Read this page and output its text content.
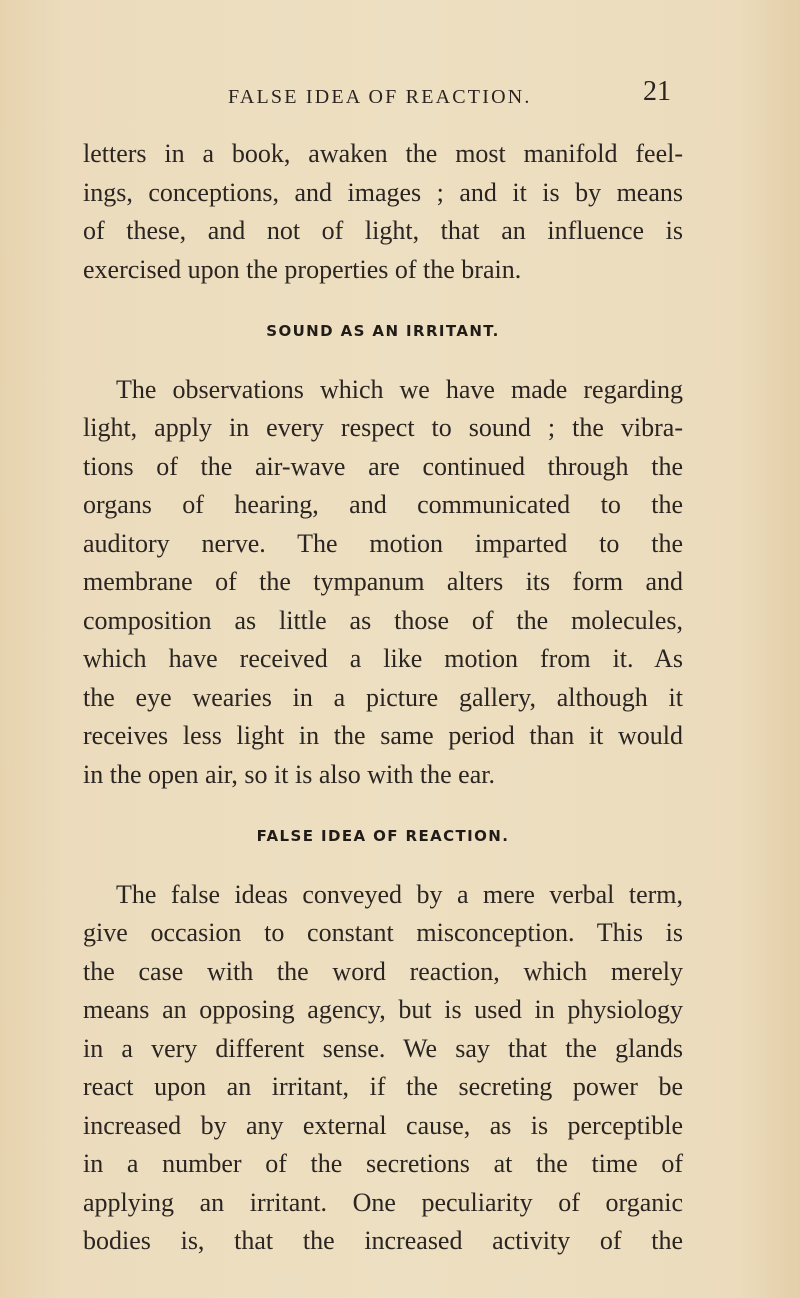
FALSE IDEA OF REACTION.	21
letters in a book, awaken the most manifold feel-
ings, conceptions, and images ; and it is by means
of these, and not of light, that an influence is
exercised upon the properties of the brain.
SOUND AS AN IRRITANT.
The observations which we have made regarding
light, apply in every respect to sound ; the vibra-
tions of the air-wave are continued through the
organs of hearing, and communicated to the
auditory nerve. The motion imparted to the
membrane of the tympanum alters its form and
composition as little as those of the molecules,
which have received a like motion from it. As
the eye wearies in a picture gallery, although it
receives less light in the same period than it would
in the open air, so it is also with the ear.
FALSE IDEA OF REACTION.
The false ideas conveyed by a mere verbal term,
give occasion to constant misconception. This is
the case with the word reaction, which merely
means an opposing agency, but is used in physiology
in a very different sense. We say that the glands
react upon an irritant, if the secreting power be
increased by any external cause, as is perceptible
in a number of the secretions at the time of
applying an irritant. One peculiarity of organic
bodies is, that the increased activity of the
